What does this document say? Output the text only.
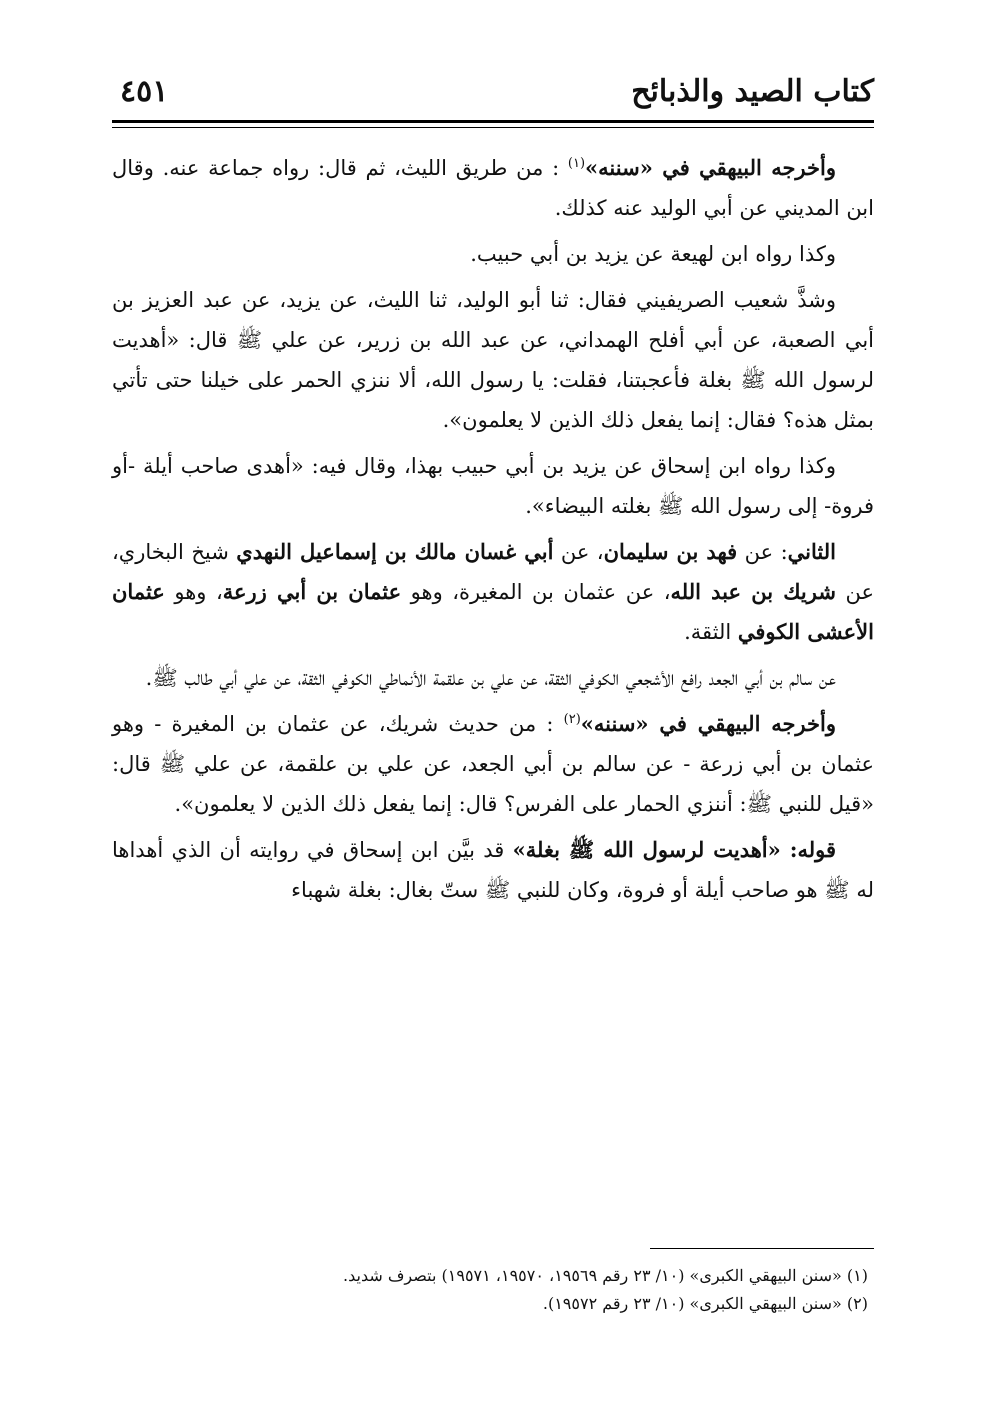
كتاب الصيد والذبائح
٤٥١

وأخرجه البيهقي في «سننه»$^{(١)}$ : من طريق الليث، ثم قال: رواه جماعة عنه. وقال ابن المديني عن أبي الوليد عنه كذلك.

وكذا رواه ابن لهيعة عن يزيد بن أبي حبيب.

وشذَّ شعيب الصريفيني فقال: ثنا أبو الوليد، ثنا الليث، عن يزيد، عن عبد العزيز بن أبي الصعبة، عن أبي أفلح الهمداني، عن عبد الله بن زرير، عن علي ﷺ قال: «أهديت لرسول الله ﷺ بغلة فأعجبتنا، فقلت: يا رسول الله، ألا ننزي الحمر على خيلنا حتى تأتي بمثل هذه؟ فقال: إنما يفعل ذلك الذين لا يعلمون».

وكذا رواه ابن إسحاق عن يزيد بن أبي حبيب بهذا، وقال فيه: «أهدى صاحب أيلة -أو فروة- إلى رسول الله ﷺ بغلته البيضاء».

الثاني: عن فهد بن سليمان، عن أبي غسان مالك بن إسماعيل النهدي شيخ البخاري، عن شريك بن عبد الله، عن عثمان بن المغيرة، وهو عثمان بن أبي زرعة، وهو عثمان الأعشى الكوفي الثقة.

عن سالم بن أبي الجعد رافع الأشجعي الكوفي الثقة، عن علي بن علقمة الأنماطي الكوفي الثقة، عن علي أبي طالب ﷺ.

وأخرجه البيهقي في «سننه»$^{(٢)}$ : من حديث شريك، عن عثمان بن المغيرة - وهو عثمان بن أبي زرعة - عن سالم بن أبي الجعد، عن علي بن علقمة، عن علي ﷺ قال: «قيل للنبي ﷺ: أننزي الحمار على الفرس؟ قال: إنما يفعل ذلك الذين لا يعلمون».

قوله: «أهديت لرسول الله ﷺ بغلة» قد بيَّن ابن إسحاق في روايته أن الذي أهداها له ﷺ هو صاحب أيلة أو فروة، وكان للنبي ﷺ ستّ بغال: بغلة شهباء

(١) «سنن البيهقي الكبرى» (١٠/ ٢٣ رقم ١٩٥٦٩، ١٩٥٧٠، ١٩٥٧١) بتصرف شديد.

(٢) «سنن البيهقي الكبرى» (١٠/ ٢٣ رقم ١٩٥٧٢).
